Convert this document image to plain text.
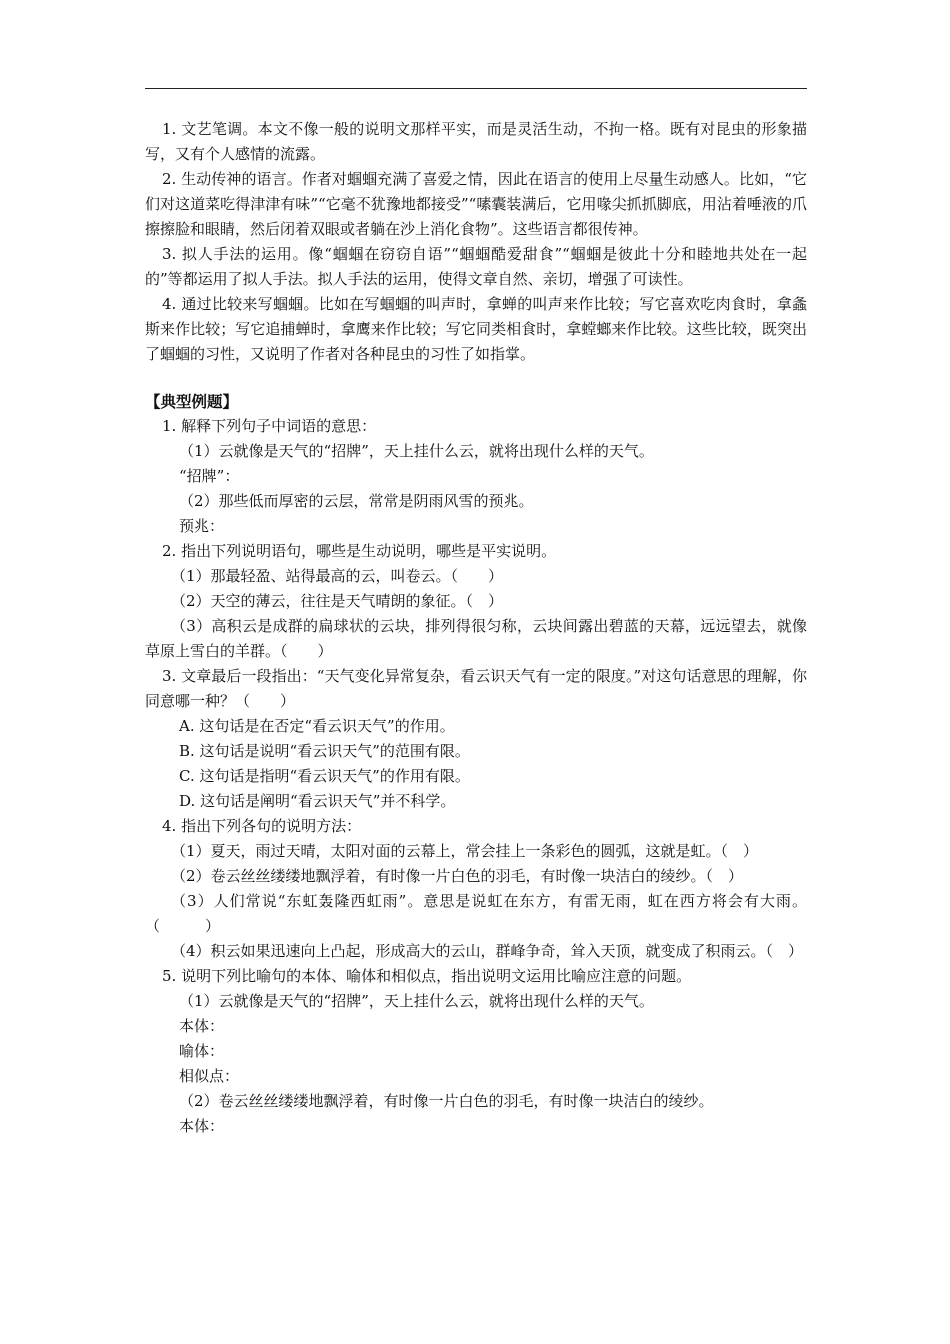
1. 文艺笔调。本文不像一般的说明文那样平实，而是灵活生动，不拘一格。既有对昆虫的形象描写，又有个人感情的流露。

2. 生动传神的语言。作者对蝈蝈充满了喜爱之情，因此在语言的使用上尽量生动感人。比如，“它们对这道菜吃得津津有味”“它毫不犹豫地都接受”“嗉囊装满后，它用喙尖抓抓脚底，用沾着唾液的爪擦擦脸和眼睛，然后闭着双眼或者躺在沙上消化食物”。这些语言都很传神。

3. 拟人手法的运用。像“蝈蝈在窃窃自语”“蝈蝈酷爱甜食”“蝈蝈是彼此十分和睦地共处在一起的”等都运用了拟人手法。拟人手法的运用，使得文章自然、亲切，增强了可读性。

4. 通过比较来写蝈蝈。比如在写蝈蝈的叫声时，拿蝉的叫声来作比较；写它喜欢吃肉食时，拿螽斯来作比较；写它追捕蝉时，拿鹰来作比较；写它同类相食时，拿螳螂来作比较。这些比较，既突出了蝈蝈的习性，又说明了作者对各种昆虫的习性了如指掌。

【典型例题】

1. 解释下列句子中词语的意思：

（1）云就像是天气的“招牌”，天上挂什么云，就将出现什么样的天气。

“招牌”：

（2）那些低而厚密的云层，常常是阴雨风雪的预兆。

预兆：

2. 指出下列说明语句，哪些是生动说明，哪些是平实说明。

（1）那最轻盈、站得最高的云，叫卷云。（　　）

（2）天空的薄云，往往是天气晴朗的象征。（　）

（3）高积云是成群的扁球状的云块，排列得很匀称，云块间露出碧蓝的天幕，远远望去，就像草原上雪白的羊群。（　　）

3. 文章最后一段指出：“天气变化异常复杂，看云识天气有一定的限度。”对这句话意思的理解，你同意哪一种？（　　）

A. 这句话是在否定“看云识天气”的作用。

B. 这句话是说明“看云识天气”的范围有限。

C. 这句话是指明“看云识天气”的作用有限。

D. 这句话是阐明“看云识天气”并不科学。

4. 指出下列各句的说明方法：

（1）夏天，雨过天晴，太阳对面的云幕上，常会挂上一条彩色的圆弧，这就是虹。（　）

（2）卷云丝丝缕缕地飘浮着，有时像一片白色的羽毛，有时像一块洁白的绫纱。（　）

（3）人们常说“东虹轰隆西虹雨”。意思是说虹在东方，有雷无雨，虹在西方将会有大雨。（　　　）

（4）积云如果迅速向上凸起，形成高大的云山，群峰争奇，耸入天顶，就变成了积雨云。（　）

5. 说明下列比喻句的本体、喻体和相似点，指出说明文运用比喻应注意的问题。

（1）云就像是天气的“招牌”，天上挂什么云，就将出现什么样的天气。

本体：

喻体：

相似点：

（2）卷云丝丝缕缕地飘浮着，有时像一片白色的羽毛，有时像一块洁白的绫纱。

本体：
